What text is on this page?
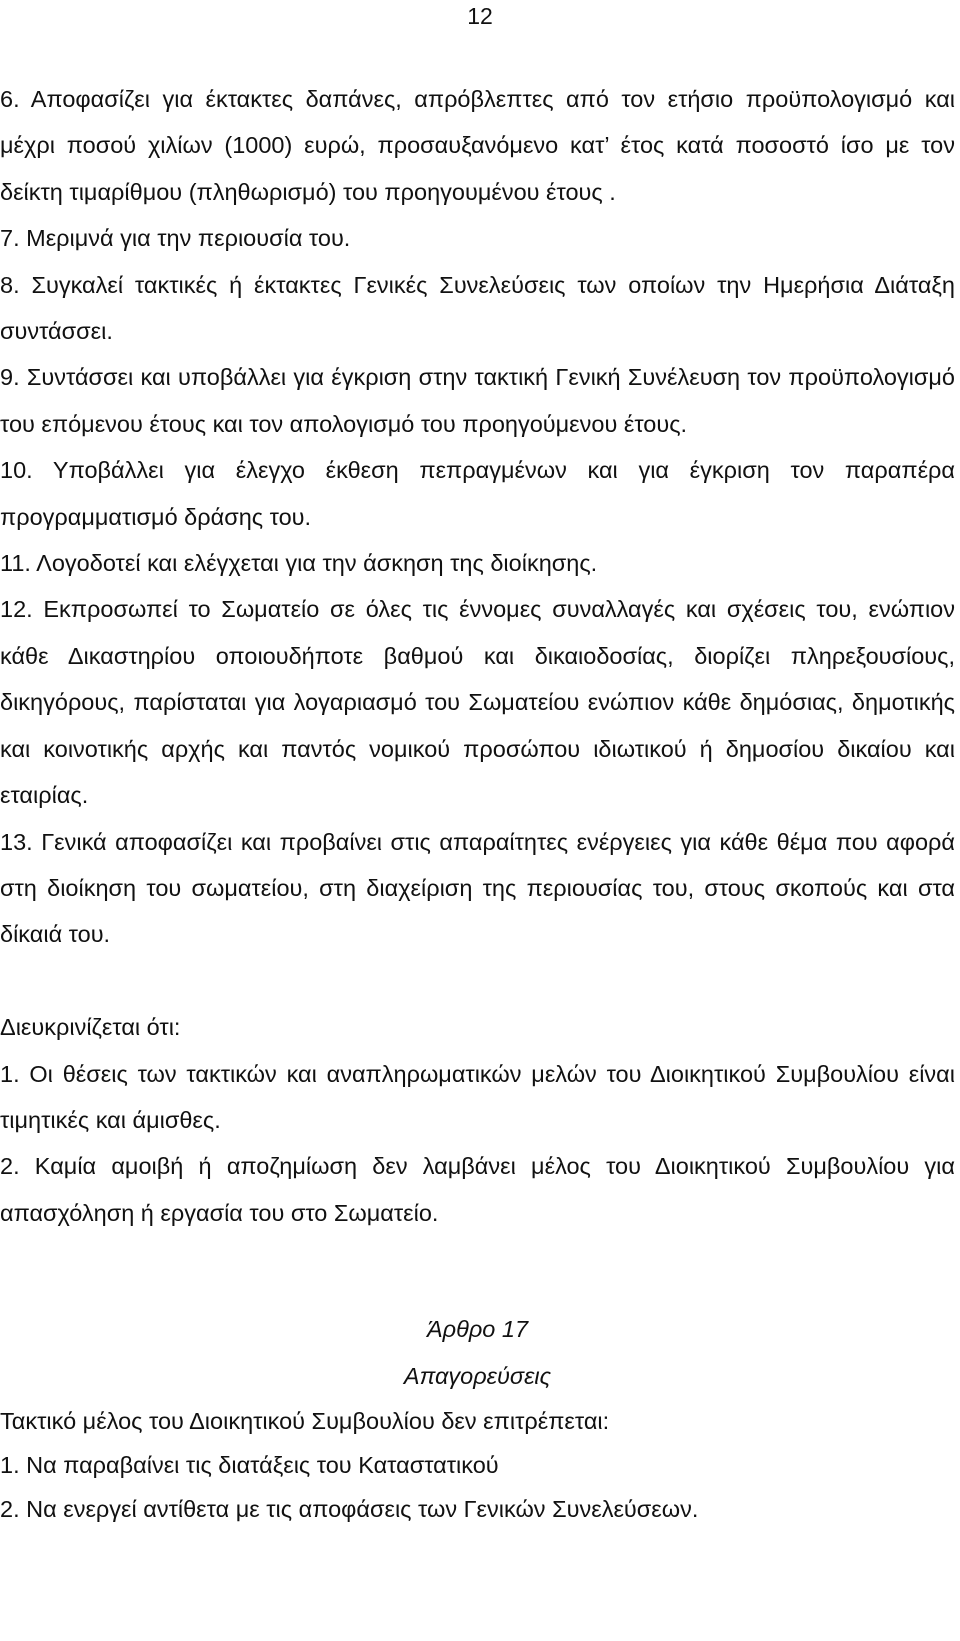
12

6. Αποφασίζει για έκτακτες δαπάνες, απρόβλεπτες από τον ετήσιο προϋπολογισμό και μέχρι ποσού χιλίων (1000) ευρώ, προσαυξανόμενο κατ’ έτος κατά ποσοστό ίσο με τον δείκτη τιμαρίθμου (πληθωρισμό) του προηγουμένου έτους .

7. Μεριμνά για την περιουσία του.

8. Συγκαλεί τακτικές ή έκτακτες Γενικές Συνελεύσεις των οποίων την Ημερήσια Διάταξη συντάσσει.

9. Συντάσσει και υποβάλλει για έγκριση στην τακτική Γενική Συνέλευση τον προϋπολογισμό του επόμενου έτους και τον απολογισμό του προηγούμενου έτους.

10. Υποβάλλει για έλεγχο έκθεση πεπραγμένων και για έγκριση τον παραπέρα προγραμματισμό δράσης του.

11. Λογοδοτεί και ελέγχεται για την άσκηση της διοίκησης.

12. Εκπροσωπεί το Σωματείο σε όλες τις έννομες συναλλαγές και σχέσεις του, ενώπιον κάθε Δικαστηρίου οποιουδήποτε βαθμού και δικαιοδοσίας, διορίζει πληρεξουσίους, δικηγόρους, παρίσταται για λογαριασμό του Σωματείου ενώπιον κάθε δημόσιας, δημοτικής και κοινοτικής αρχής και παντός νομικού προσώπου ιδιωτικού ή δημοσίου δικαίου και εταιρίας.

13. Γενικά αποφασίζει και προβαίνει στις απαραίτητες ενέργειες για κάθε θέμα που αφορά στη διοίκηση του σωματείου, στη διαχείριση της περιουσίας του, στους σκοπούς και στα δίκαιά του.

Διευκρινίζεται ότι:

1. Οι θέσεις των τακτικών και αναπληρωματικών μελών του Διοικητικού Συμβουλίου είναι τιμητικές και άμισθες.

2. Καμία αμοιβή ή αποζημίωση δεν λαμβάνει μέλος του Διοικητικού Συμβουλίου για απασχόληση ή εργασία του στο Σωματείο.

Άρθρο 17

Απαγορεύσεις

Τακτικό μέλος του Διοικητικού Συμβουλίου δεν επιτρέπεται:

1. Να παραβαίνει τις διατάξεις του Καταστατικού

2. Να ενεργεί αντίθετα με τις αποφάσεις των Γενικών Συνελεύσεων.
